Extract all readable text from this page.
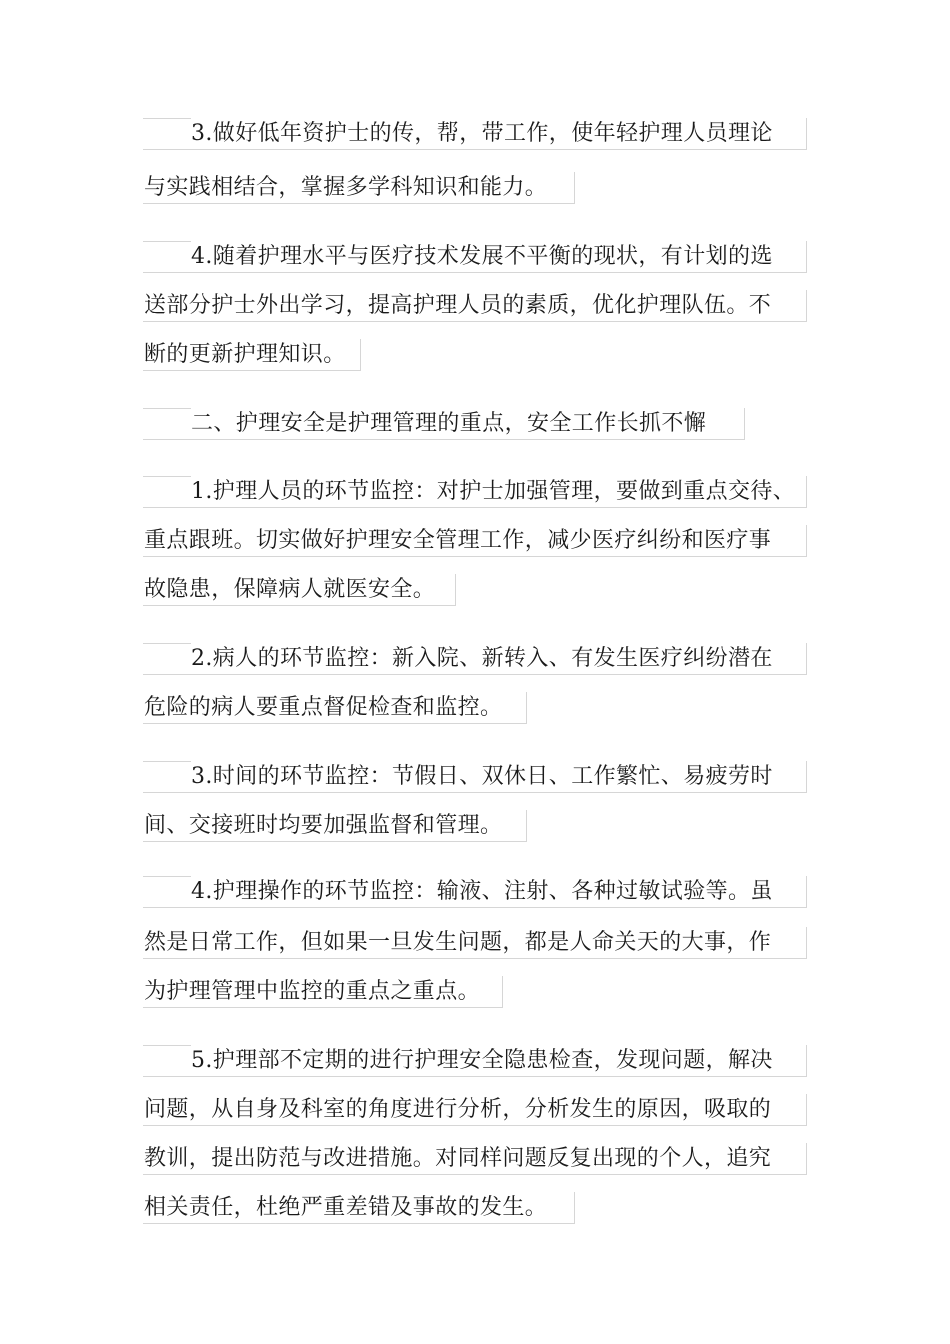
3.做好低年资护士的传，帮，带工作，使年轻护理人员理论
与实践相结合，掌握多学科知识和能力。
4.随着护理水平与医疗技术发展不平衡的现状，有计划的选
送部分护士外出学习，提高护理人员的素质，优化护理队伍。不
断的更新护理知识。
二、护理安全是护理管理的重点，安全工作长抓不懈
1.护理人员的环节监控：对护士加强管理，要做到重点交待、
重点跟班。切实做好护理安全管理工作，减少医疗纠纷和医疗事
故隐患，保障病人就医安全。
2.病人的环节监控：新入院、新转入、有发生医疗纠纷潜在
危险的病人要重点督促检查和监控。
3.时间的环节监控：节假日、双休日、工作繁忙、易疲劳时
间、交接班时均要加强监督和管理。
4.护理操作的环节监控：输液、注射、各种过敏试验等。虽
然是日常工作，但如果一旦发生问题，都是人命关天的大事，作
为护理管理中监控的重点之重点。
5.护理部不定期的进行护理安全隐患检查，发现问题，解决
问题，从自身及科室的角度进行分析，分析发生的原因，吸取的
教训，提出防范与改进措施。对同样问题反复出现的个人，追究
相关责任，杜绝严重差错及事故的发生。
